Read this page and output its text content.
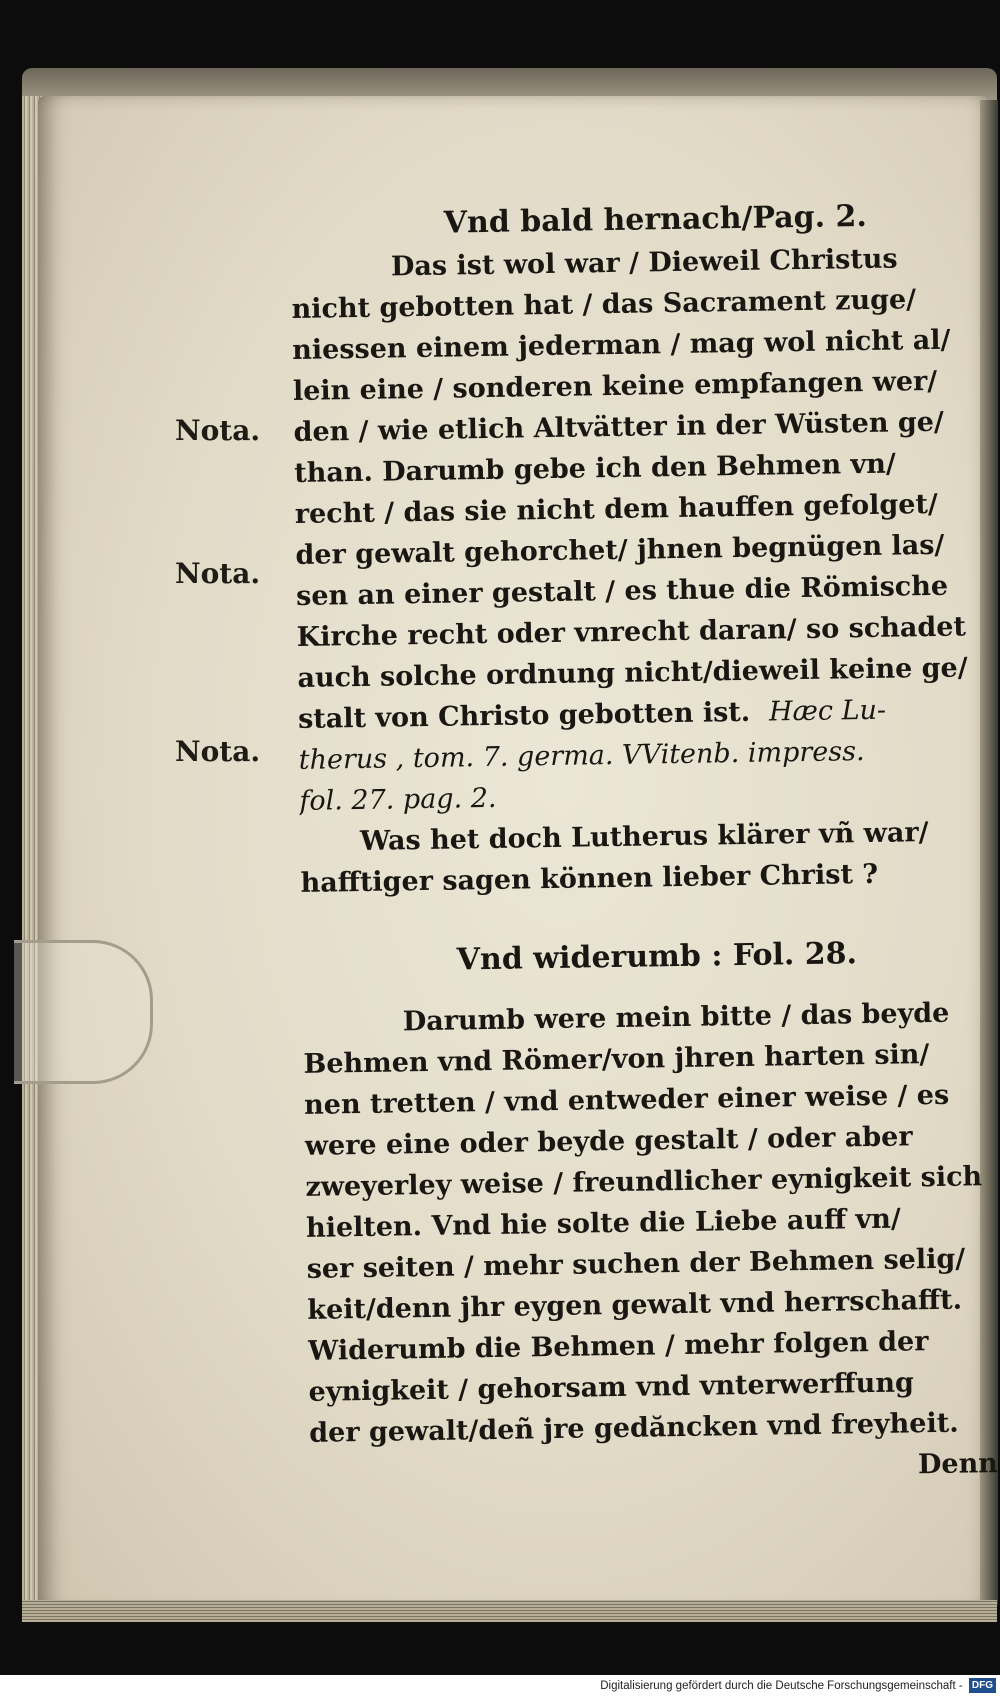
Nota.
Nota.
Nota.
Vnd bald hernach/Pag. 2.
Das ist wol war / Dieweil Christus
nicht gebotten hat / das Sacrament zuge/
niessen einem jederman / mag wol nicht al/
lein eine / sonderen keine empfangen wer/
den / wie etlich Altvätter in der Wüsten ge/
than. Darumb gebe ich den Behmen vn/
recht / das sie nicht dem hauffen gefolget/
der gewalt gehorchet/ jhnen begnügen las/
sen an einer gestalt / es thue die Römische
Kirche recht oder vnrecht daran/ so schadet
auch solche ordnung nicht/dieweil keine ge/
stalt von Christo gebotten ist. Hæc Lu-
therus , tom. 7. germa. VVitenb. impress.
fol. 27. pag. 2.
Was het doch Lutherus klärer vñ war/
hafftiger sagen können lieber Christ ?
Vnd widerumb : Fol. 28.
Darumb were mein bitte / das beyde
Behmen vnd Römer/von jhren harten sin/
nen tretten / vnd entweder einer weise / es
were eine oder beyde gestalt / oder aber
zweyerley weise / freundlicher eynigkeit sich
hielten. Vnd hie solte die Liebe auff vn/
ser seiten / mehr suchen der Behmen selig/
keit/denn jhr eygen gewalt vnd herrschafft.
Widerumb die Behmen / mehr folgen der
eynigkeit / gehorsam vnd vnterwerffung
der gewalt/deñ jre gedăncken vnd freyheit.
Denn
Digitalisierung gefördert durch die Deutsche Forschungsgemeinschaft - DFG
